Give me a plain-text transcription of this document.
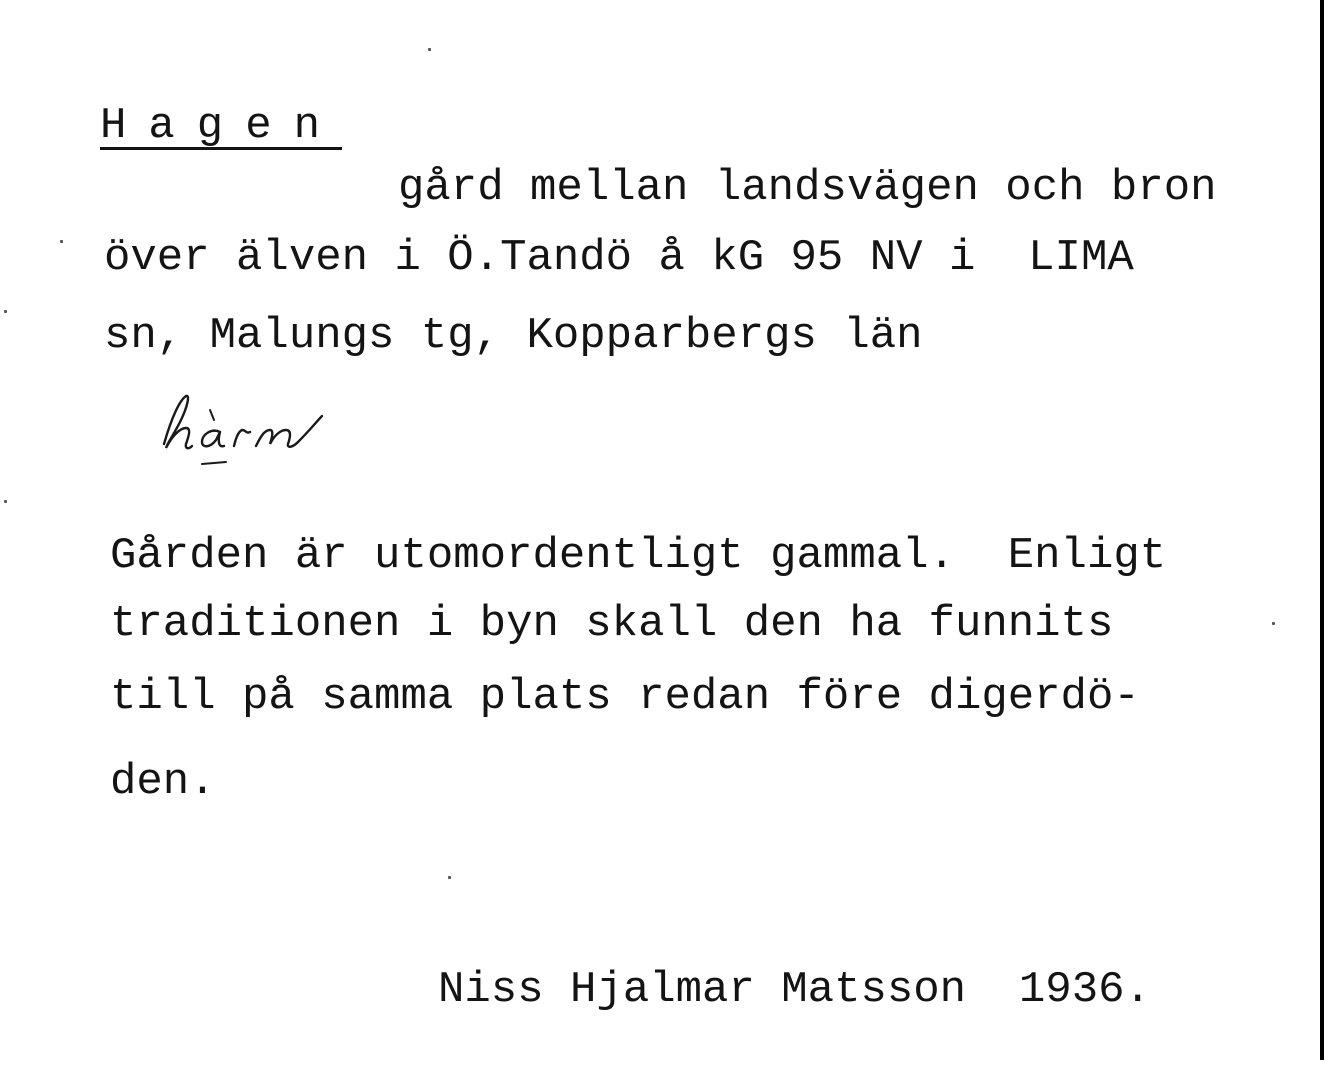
Hagen
gård mellan landsvägen och bron
över älven i Ö.Tandö å kG 95 NV i  LIMA
sn, Malungs tg, Kopparbergs län
Gården är utomordentligt gammal.  Enligt
traditionen i byn skall den ha funnits
till på samma plats redan före digerdö-
den.
Niss Hjalmar Matsson  1936.
